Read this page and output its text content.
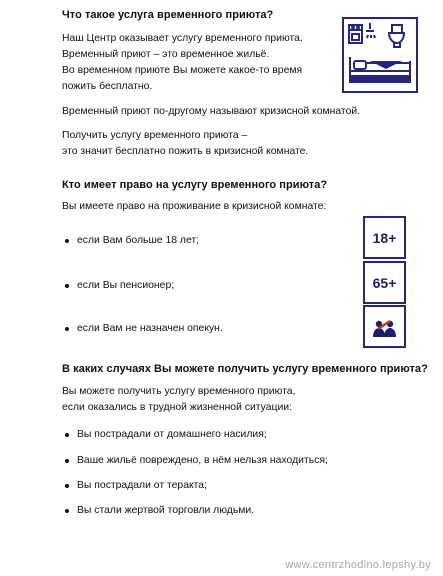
Что такое услуга временного приюта?
Наш Центр оказывает услугу временного приюта.
Временный приют – это временное жильё.
Во временном приюте Вы можете какое-то время
пожить бесплатно.
Временный приют по-другому называют кризисной комнатой.
Получить услугу временного приюта –
это значит бесплатно пожить в кризисной комнате.
Кто имеет право на услугу временного приюта?
Вы имеете право на проживание в кризисной комнате:
если Вам больше 18 лет;
если Вы пенсионер;
если Вам не назначен опекун.
18+
65+
В каких случаях Вы можете получить услугу временного приюта?
Вы можете получить услугу временного приюта,
если оказались в трудной жизненной ситуации:
Вы пострадали от домашнего насилия;
Ваше жильё повреждено, в нём нельзя находиться;
Вы пострадали от теракта;
Вы стали жертвой торговли людьми.
www.centrzhodino.lepshy.by
